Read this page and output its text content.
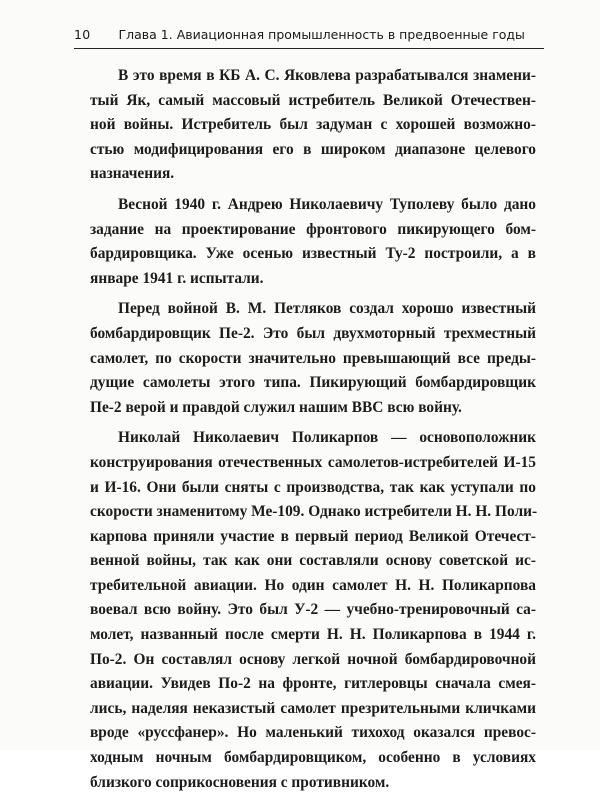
10 Глава 1. Авиационная промышленность в предвоенные годы
В это время в КБ А. С. Яковлева разрабатывался знамени-
тый Як, самый массовый истребитель Великой Отечествен-
ной войны. Истребитель был задуман с хорошей возможно-
стью модифицирования его в широком диапазоне целевого
назначения.
Весной 1940 г. Андрею Николаевичу Туполеву было дано
задание на проектирование фронтового пикирующего бом-
бардировщика. Уже осенью известный Ту-2 построили, а в
январе 1941 г. испытали.
Перед войной В. М. Петляков создал хорошо известный
бомбардировщик Пе-2. Это был двухмоторный трехместный
самолет, по скорости значительно превышающий все преды-
дущие самолеты этого типа. Пикирующий бомбардировщик
Пе-2 верой и правдой служил нашим ВВС всю войну.
Николай Николаевич Поликарпов — основоположник
конструирования отечественных самолетов-истребителей И-15
и И-16. Они были сняты с производства, так как уступали по
скорости знаменитому Ме-109. Однако истребители Н. Н. Поли-
карпова приняли участие в первый период Великой Отечест-
венной войны, так как они составляли основу советской ис-
требительной авиации. Но один самолет Н. Н. Поликарпова
воевал всю войну. Это был У-2 — учебно-тренировочный са-
молет, названный после смерти Н. Н. Поликарпова в 1944 г.
По-2. Он составлял основу легкой ночной бомбардировочной
авиации. Увидев По-2 на фронте, гитлеровцы сначала смея-
лись, наделяя неказистый самолет презрительными кличками
вроде «руссфанер». Но маленький тихоход оказался превос-
ходным ночным бомбардировщиком, особенно в условиях
близкого соприкосновения с противником.
